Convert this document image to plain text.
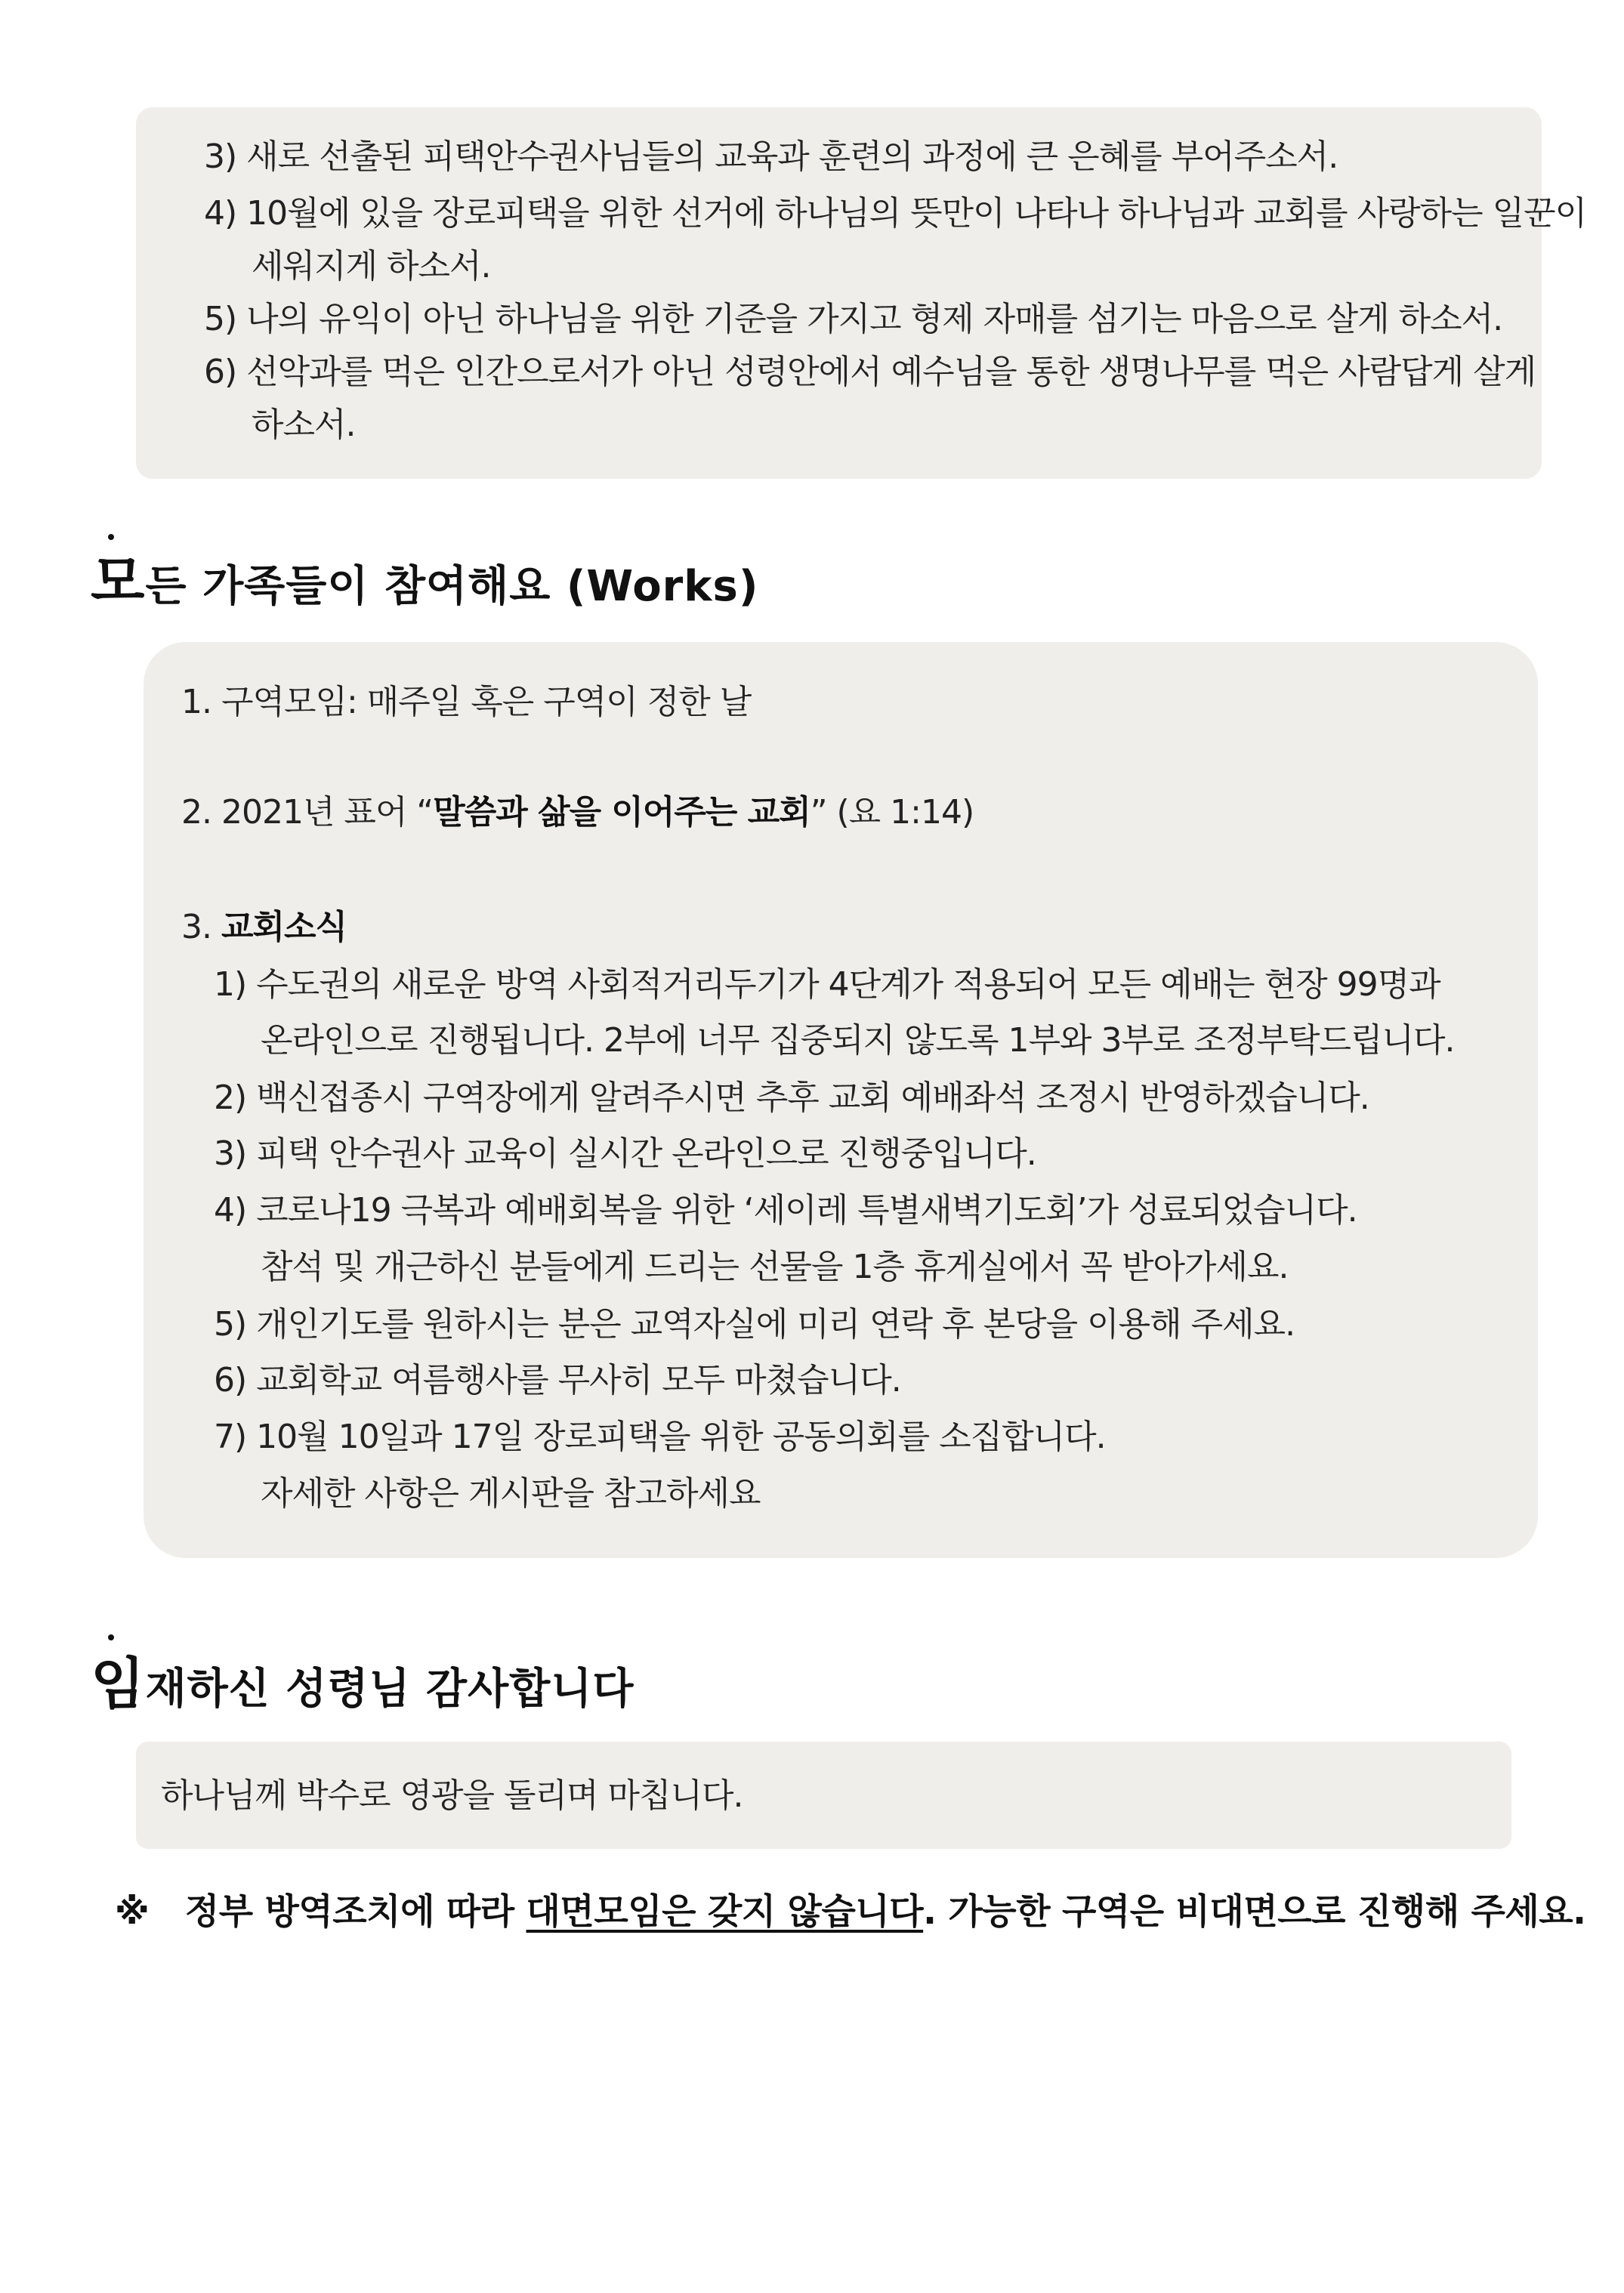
3) 새로 선출된 피택안수권사님들의 교육과 훈련의 과정에 큰 은혜를 부어주소서.
4) 10월에 있을 장로피택을 위한 선거에 하나님의 뜻만이 나타나 하나님과 교회를 사랑하는 일꾼이
세워지게 하소서.
5) 나의 유익이 아닌 하나님을 위한 기준을 가지고 형제 자매를 섬기는 마음으로 살게 하소서.
6) 선악과를 먹은 인간으로서가 아닌 성령안에서 예수님을 통한 생명나무를 먹은 사람답게 살게
하소서.
모든 가족들이 참여해요 (Works)
1. 구역모임: 매주일 혹은 구역이 정한 날
2. 2021년 표어 “말씀과 삶을 이어주는 교회” (요 1:14)
3. 교회소식
1) 수도권의 새로운 방역 사회적거리두기가 4단계가 적용되어 모든 예배는 현장 99명과
온라인으로 진행됩니다. 2부에 너무 집중되지 않도록 1부와 3부로 조정부탁드립니다.
2) 백신접종시 구역장에게 알려주시면 추후 교회 예배좌석 조정시 반영하겠습니다.
3) 피택 안수권사 교육이 실시간 온라인으로 진행중입니다.
4) 코로나19 극복과 예배회복을 위한 ‘세이레 특별새벽기도회’가 성료되었습니다.
참석 및 개근하신 분들에게 드리는 선물을 1층 휴게실에서 꼭 받아가세요.
5) 개인기도를 원하시는 분은 교역자실에 미리 연락 후 본당을 이용해 주세요.
6) 교회학교 여름행사를 무사히 모두 마쳤습니다.
7) 10월 10일과 17일 장로피택을 위한 공동의회를 소집합니다.
자세한 사항은 게시판을 참고하세요
임재하신 성령님 감사합니다
하나님께 박수로 영광을 돌리며 마칩니다.
※ 정부 방역조치에 따라 대면모임은 갖지 않습니다. 가능한 구역은 비대면으로 진행해 주세요.
